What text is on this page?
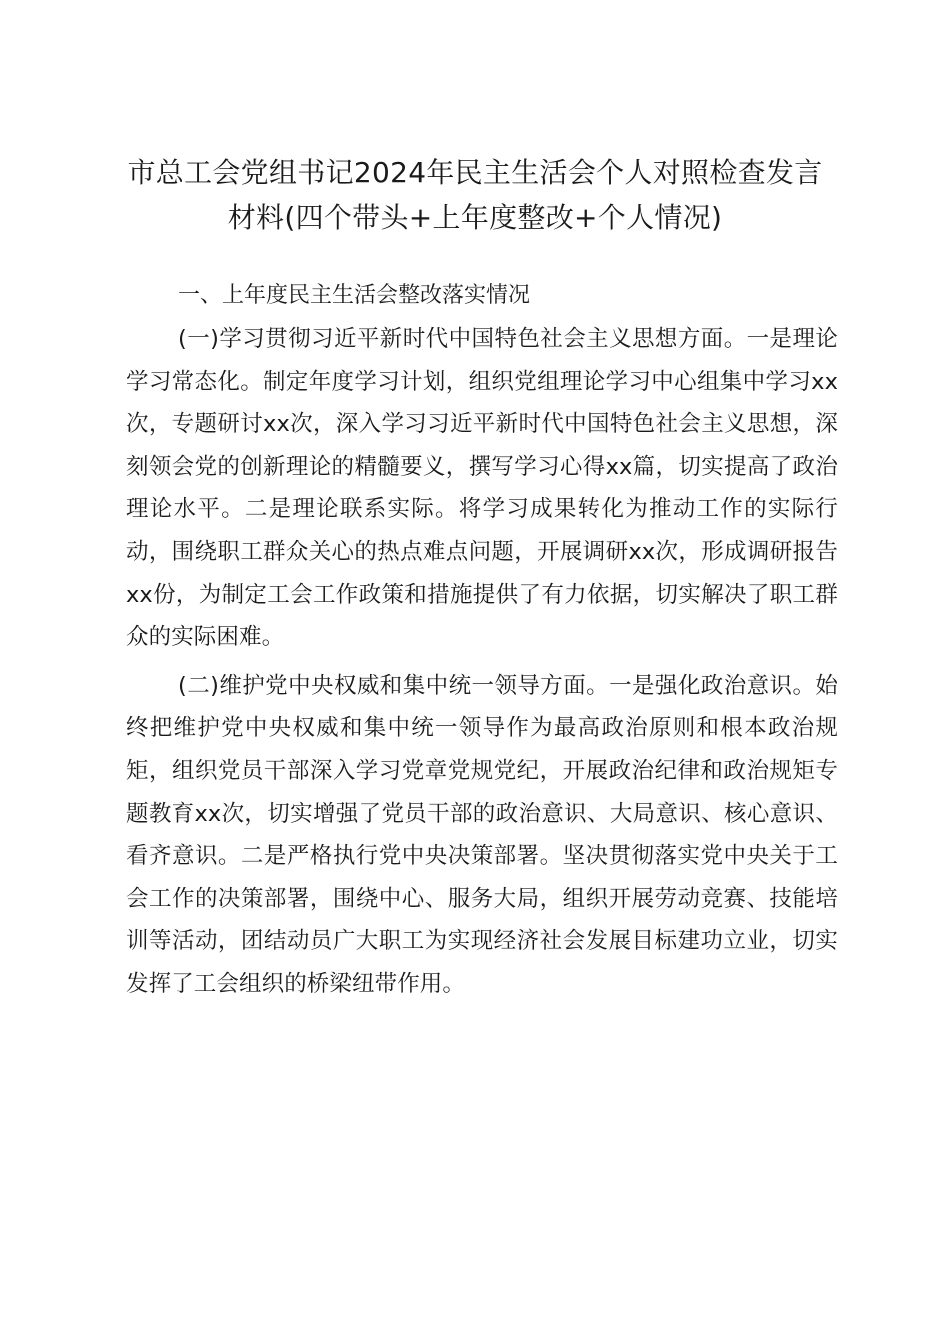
市总工会党组书记2024年民主生活会个人对照检查发言材料(四个带头+上年度整改+个人情况)

一、上年度民主生活会整改落实情况

(一)学习贯彻习近平新时代中国特色社会主义思想方面。一是理论学习常态化。制定年度学习计划，组织党组理论学习中心组集中学习xx次，专题研讨xx次，深入学习习近平新时代中国特色社会主义思想，深刻领会党的创新理论的精髓要义，撰写学习心得xx篇，切实提高了政治理论水平。二是理论联系实际。将学习成果转化为推动工作的实际行动，围绕职工群众关心的热点难点问题，开展调研xx次，形成调研报告xx份，为制定工会工作政策和措施提供了有力依据，切实解决了职工群众的实际困难。

(二)维护党中央权威和集中统一领导方面。一是强化政治意识。始终把维护党中央权威和集中统一领导作为最高政治原则和根本政治规矩，组织党员干部深入学习党章党规党纪，开展政治纪律和政治规矩专题教育xx次，切实增强了党员干部的政治意识、大局意识、核心意识、看齐意识。二是严格执行党中央决策部署。坚决贯彻落实党中央关于工会工作的决策部署，围绕中心、服务大局，组织开展劳动竞赛、技能培训等活动，团结动员广大职工为实现经济社会发展目标建功立业，切实发挥了工会组织的桥梁纽带作用。
